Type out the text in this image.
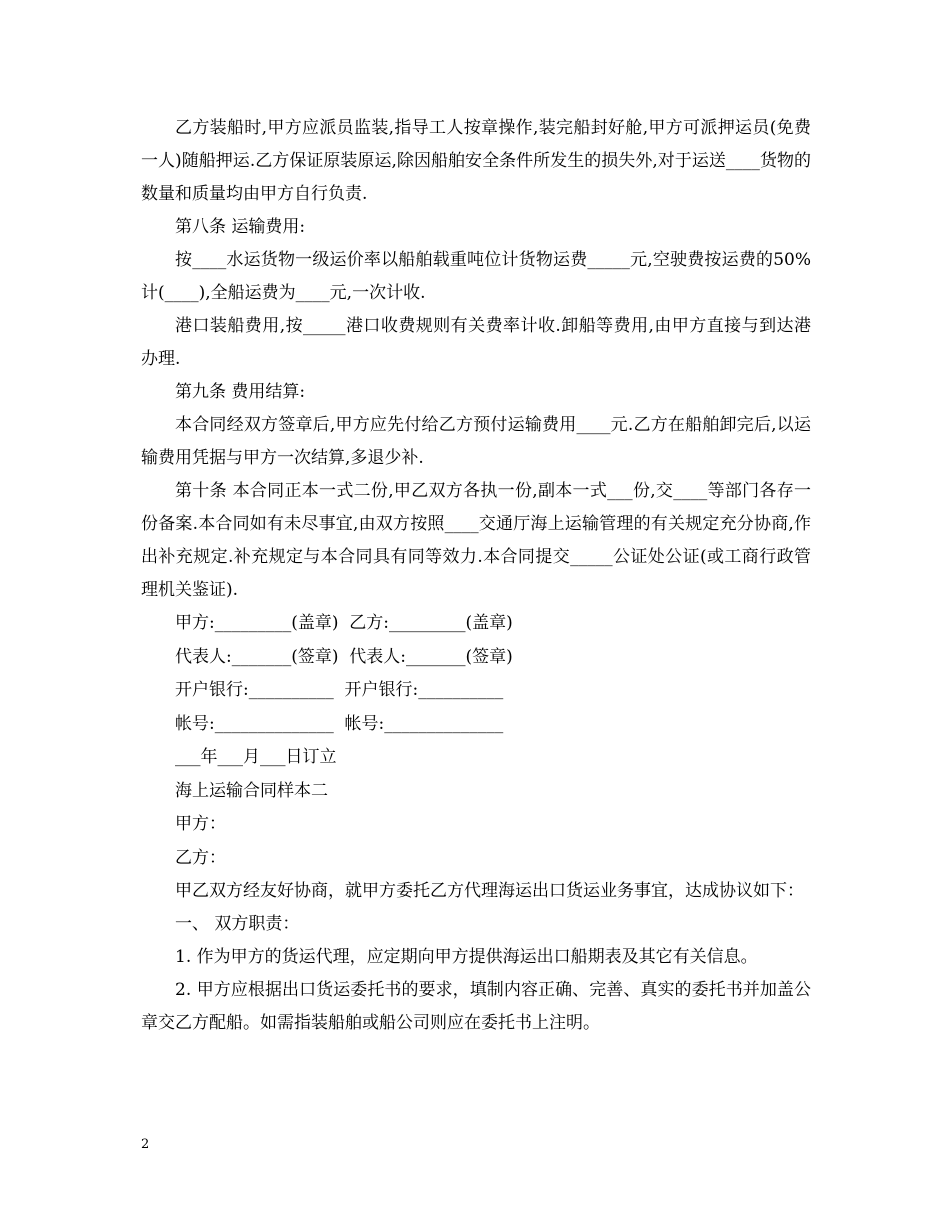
乙方装船时,甲方应派员监装,指导工人按章操作,装完船封好舱,甲方可派押运员(免费一人)随船押运.乙方保证原装原运,除因船舶安全条件所发生的损失外,对于运送____货物的数量和质量均由甲方自行负责.

第八条 运输费用:

按____水运货物一级运价率以船舶载重吨位计货物运费_____元,空驶费按运费的50%计(____),全船运费为____元,一次计收.

港口装船费用,按_____港口收费规则有关费率计收.卸船等费用,由甲方直接与到达港办理.

第九条 费用结算:

本合同经双方签章后,甲方应先付给乙方预付运输费用____元.乙方在船舶卸完后,以运输费用凭据与甲方一次结算,多退少补.

第十条 本合同正本一式二份,甲乙双方各执一份,副本一式___份,交____等部门各存一份备案.本合同如有未尽事宜,由双方按照____交通厅海上运输管理的有关规定充分协商,作出补充规定.补充规定与本合同具有同等效力.本合同提交_____公证处公证(或工商行政管理机关鉴证).

甲方:_________(盖章)  乙方:_________(盖章)

代表人:_______(签章)  代表人:_______(签章)

开户银行:__________  开户银行:__________

帐号:______________  帐号:______________

___年___月___日订立

海上运输合同样本二

甲方：

乙方：

甲乙双方经友好协商，就甲方委托乙方代理海运出口货运业务事宜，达成协议如下：

一、 双方职责：

1. 作为甲方的货运代理，应定期向甲方提供海运出口船期表及其它有关信息。

2. 甲方应根据出口货运委托书的要求，填制内容正确、完善、真实的委托书并加盖公章交乙方配船。如需指装船舶或船公司则应在委托书上注明。

2
